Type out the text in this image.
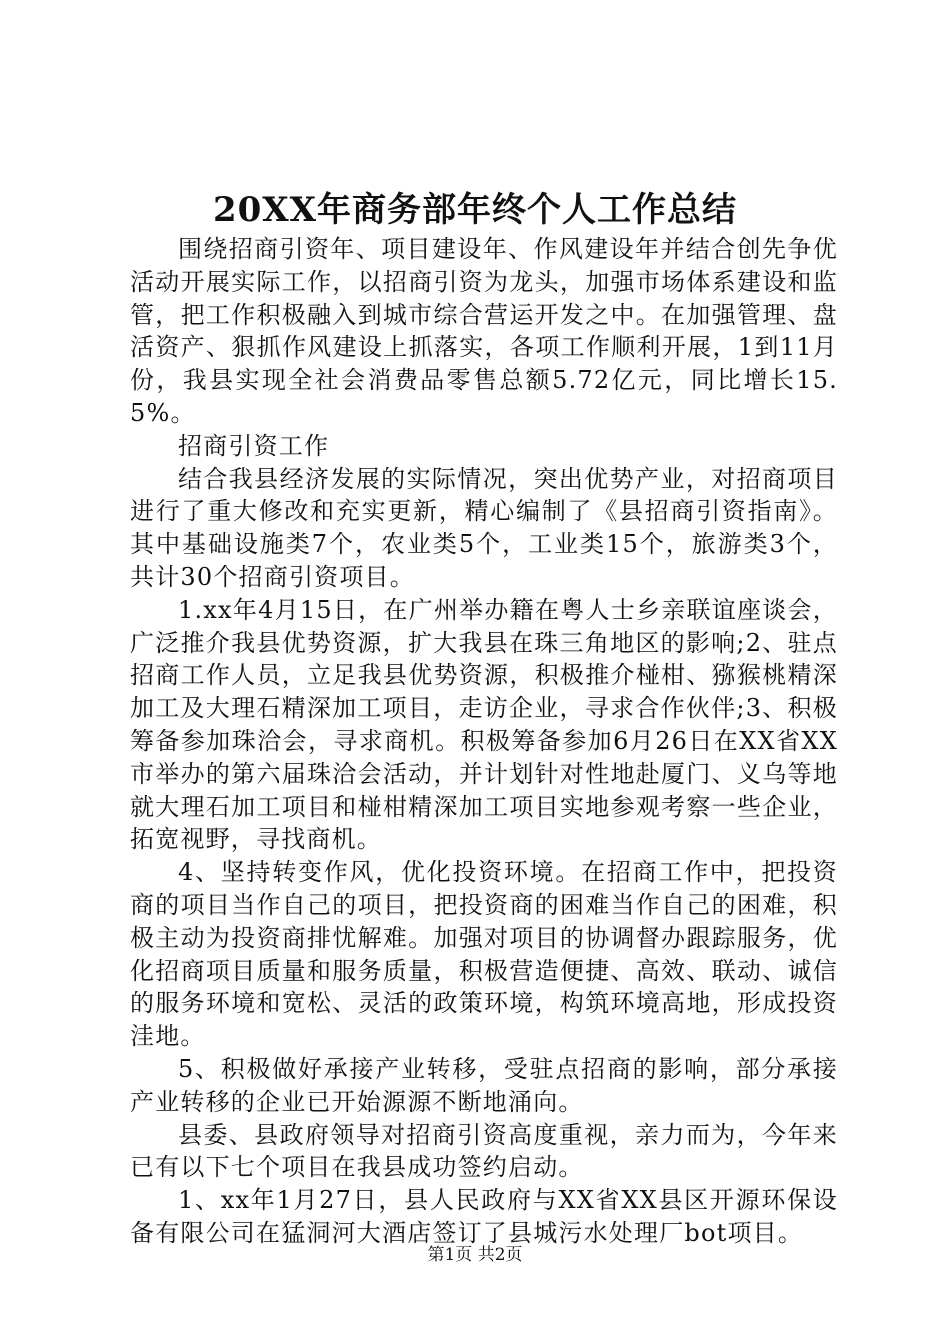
20XX年商务部年终个人工作总结

围绕招商引资年、项目建设年、作风建设年并结合创先争优活动开展实际工作，以招商引资为龙头，加强市场体系建设和监管，把工作积极融入到城市综合营运开发之中。在加强管理、盘活资产、狠抓作风建设上抓落实，各项工作顺利开展，1到11月份，我县实现全社会消费品零售总额5.72亿元，同比增长15.5%。

招商引资工作

结合我县经济发展的实际情况，突出优势产业，对招商项目进行了重大修改和充实更新，精心编制了《县招商引资指南》。其中基础设施类7个，农业类5个，工业类15个，旅游类3个，共计30个招商引资项目。

1.xx年4月15日，在广州举办籍在粤人士乡亲联谊座谈会，广泛推介我县优势资源，扩大我县在珠三角地区的影响;2、驻点招商工作人员，立足我县优势资源，积极推介椪柑、猕猴桃精深加工及大理石精深加工项目，走访企业，寻求合作伙伴;3、积极筹备参加珠洽会，寻求商机。积极筹备参加6月26日在XX省XX市举办的第六届珠洽会活动，并计划针对性地赴厦门、义乌等地就大理石加工项目和椪柑精深加工项目实地参观考察一些企业，拓宽视野，寻找商机。

4、坚持转变作风，优化投资环境。在招商工作中，把投资商的项目当作自己的项目，把投资商的困难当作自己的困难，积极主动为投资商排忧解难。加强对项目的协调督办跟踪服务，优化招商项目质量和服务质量，积极营造便捷、高效、联动、诚信的服务环境和宽松、灵活的政策环境，构筑环境高地，形成投资洼地。

5、积极做好承接产业转移，受驻点招商的影响，部分承接产业转移的企业已开始源源不断地涌向。

县委、县政府领导对招商引资高度重视，亲力而为，今年来已有以下七个项目在我县成功签约启动。

1、xx年1月27日，县人民政府与XX省XX县区开源环保设备有限公司在猛洞河大酒店签订了县城污水处理厂bot项目。

第1页 共2页
